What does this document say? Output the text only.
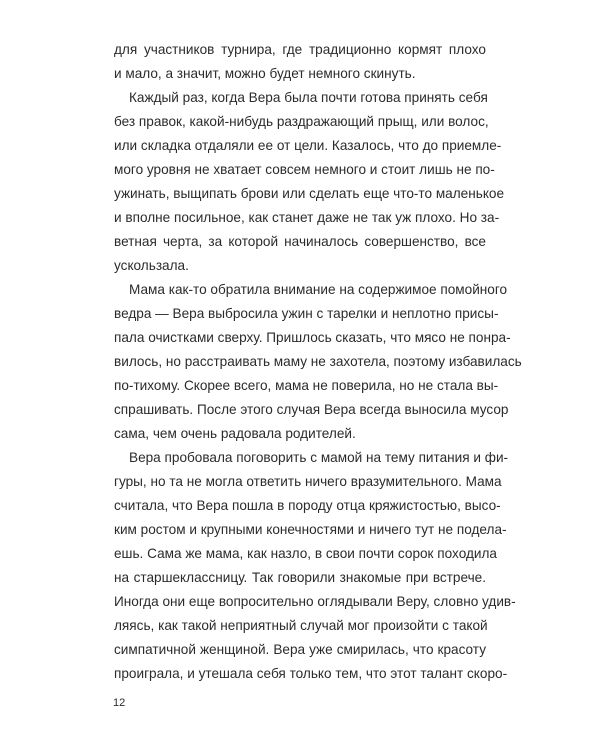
для участников турнира, где традиционно кормят плохо

и мало, а значит, можно будет немного скинуть.

Каждый раз, когда Вера была почти готова принять себя

без правок, какой-нибудь раздражающий прыщ, или волос,

или складка отдаляли ее от цели. Казалось, что до приемле-

мого уровня не хватает совсем немного и стоит лишь не по-

ужинать, выщипать брови или сделать еще что-то маленькое

и вполне посильное, как станет даже не так уж плохо. Но за-

ветная черта, за которой начиналось совершенство, все

ускользала.

Мама как-то обратила внимание на содержимое помойного

ведра — Вера выбросила ужин с тарелки и неплотно присы-

пала очистками сверху. Пришлось сказать, что мясо не понра-

вилось, но расстраивать маму не захотела, поэтому избавилась

по-тихому. Скорее всего, мама не поверила, но не стала вы-

спрашивать. После этого случая Вера всегда выносила мусор

сама, чем очень радовала родителей.

Вера пробовала поговорить с мамой на тему питания и фи-

гуры, но та не могла ответить ничего вразумительного. Мама

считала, что Вера пошла в породу отца кряжистостью, высо-

ким ростом и крупными конечностями и ничего тут не подела-

ешь. Сама же мама, как назло, в свои почти сорок походила

на старшеклассницу. Так говорили знакомые при встрече.

Иногда они еще вопросительно оглядывали Веру, словно удив-

ляясь, как такой неприятный случай мог произойти с такой

симпатичной женщиной. Вера уже смирилась, что красоту

проиграла, и утешала себя только тем, что этот талант скоро-

12
